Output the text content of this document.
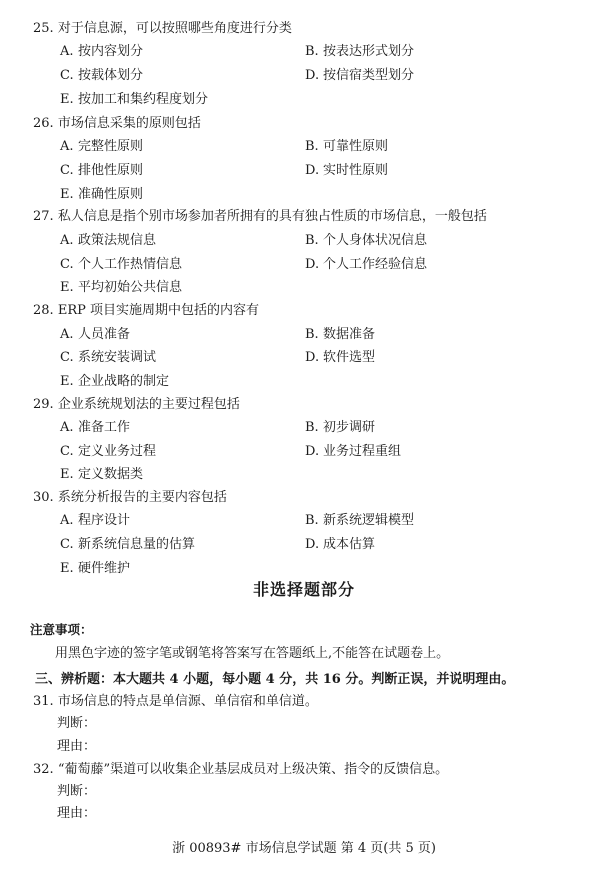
25. 对于信息源，可以按照哪些角度进行分类
A. 按内容划分	B. 按表达形式划分
C. 按载体划分	D. 按信宿类型划分
E. 按加工和集约程度划分
26. 市场信息采集的原则包括
A. 完整性原则	B. 可靠性原则
C. 排他性原则	D. 实时性原则
E. 准确性原则
27. 私人信息是指个别市场参加者所拥有的具有独占性质的市场信息，一般包括
A. 政策法规信息	B. 个人身体状况信息
C. 个人工作热情信息	D. 个人工作经验信息
E. 平均初始公共信息
28. ERP 项目实施周期中包括的内容有
A. 人员准备	B. 数据准备
C. 系统安装调试	D. 软件选型
E. 企业战略的制定
29. 企业系统规划法的主要过程包括
A. 准备工作	B. 初步调研
C. 定义业务过程	D. 业务过程重组
E. 定义数据类
30. 系统分析报告的主要内容包括
A. 程序设计	B. 新系统逻辑模型
C. 新系统信息量的估算	D. 成本估算
E. 硬件维护
非选择题部分
注意事项：
用黑色字迹的签字笔或钢笔将答案写在答题纸上,不能答在试题卷上。
三、辨析题：本大题共 4 小题，每小题 4 分，共 16 分。判断正误，并说明理由。
31. 市场信息的特点是单信源、单信宿和单信道。
判断：
理由：
32. “葡萄藤”渠道可以收集企业基层成员对上级决策、指令的反馈信息。
判断：
理由：
浙 00893# 市场信息学试题 第 4 页(共 5 页)
